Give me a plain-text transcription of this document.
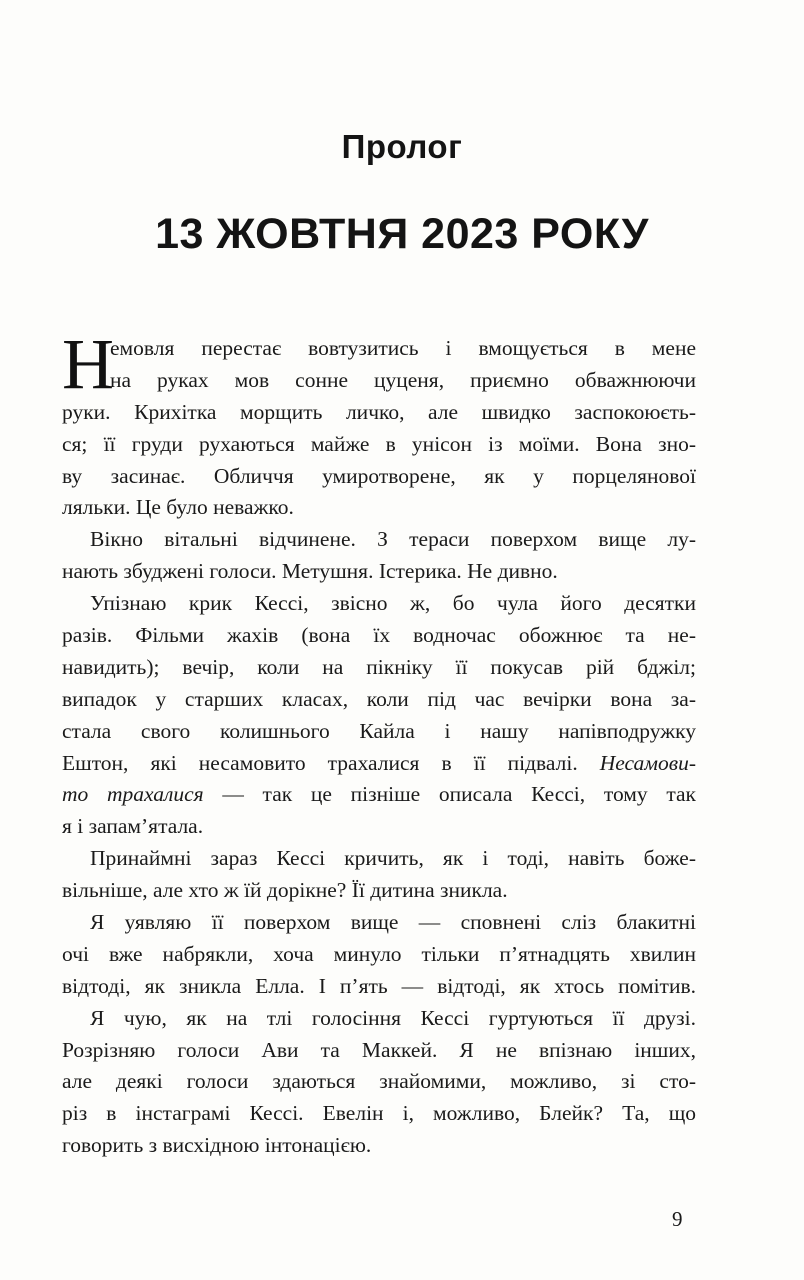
Пролог
13 ЖОВТНЯ 2023 РОКУ
Н
емовля перестає вовтузитись і вмощується в мене
на руках мов сонне цуценя, приємно обважнюючи
руки. Крихітка морщить личко, але швидко заспокоюєть-
ся; її груди рухаються майже в унісон із моїми. Вона зно-
ву засинає. Обличчя умиротворене, як у порцелянової
ляльки. Це було неважко.
Вікно вітальні відчинене. З тераси поверхом вище лу-
нають збуджені голоси. Метушня. Істерика. Не дивно.
Упізнаю крик Кессі, звісно ж, бо чула його десятки
разів. Фільми жахів (вона їх водночас обожнює та не-
навидить); вечір, коли на пікніку її покусав рій бджіл;
випадок у старших класах, коли під час вечірки вона за-
стала свого колишнього Кайла і нашу напівподружку
Ештон, які несамовито трахалися в її підвалі. Несамови-
то трахалися — так це пізніше описала Кессі, тому так
я і запам’ятала.
Принаймні зараз Кессі кричить, як і тоді, навіть боже-
вільніше, але хто ж їй дорікне? Її дитина зникла.
Я уявляю її поверхом вище — сповнені сліз блакитні
очі вже набрякли, хоча минуло тільки п’ятнадцять хвилин
відтоді, як зникла Елла. І п’ять — відтоді, як хтось помітив.
Я чую, як на тлі голосіння Кессі гуртуються її друзі.
Розрізняю голоси Ави та Маккей. Я не впізнаю інших,
але деякі голоси здаються знайомими, можливо, зі сто-
різ в інстаграмі Кессі. Евелін і, можливо, Блейк? Та, що
говорить з висхідною інтонацією.
9
